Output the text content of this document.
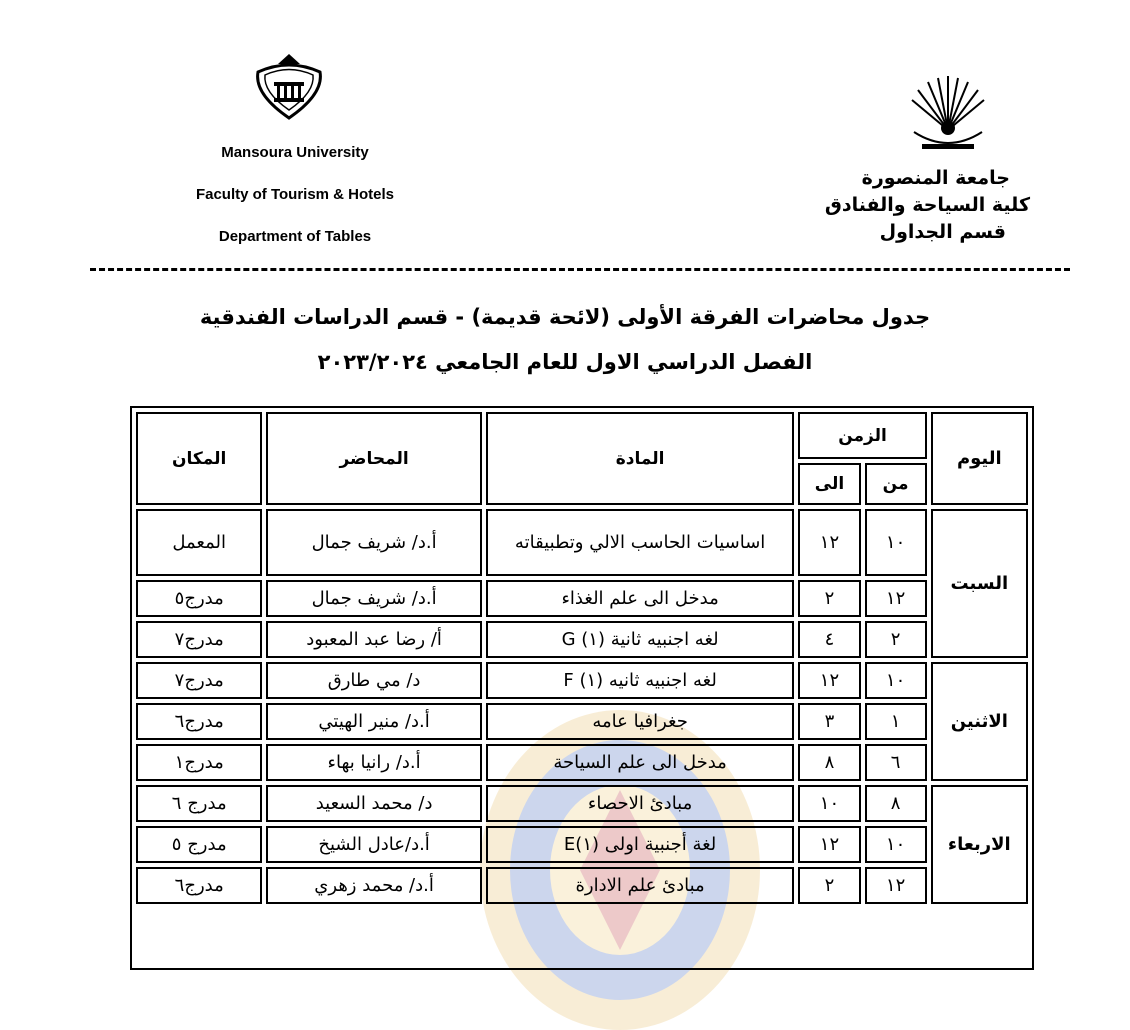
Mansoura University
Faculty of Tourism & Hotels
Department of Tables
جامعة المنصورة
كلية السياحة والفنادق
قسم الجداول
جدول محاضرات الفرقة الأولى (لائحة قديمة) - قسم الدراسات الفندقية
الفصل الدراسي الاول للعام الجامعي ٢٠٢٣/٢٠٢٤
اليوم	الزمن		المادة	المحاضر	المكان
	من	الى			
السبت	١٠	١٢	اساسيات الحاسب الالي وتطبيقاته	أ.د/ شريف جمال	المعمل
	١٢	٢	مدخل الى علم الغذاء	أ.د/ شريف جمال	مدرج٥
	٢	٤	لغه اجنبيه ثانية (١) G	أ/ رضا عبد المعبود	مدرج٧
الاثنين	١٠	١٢	لغه اجنبيه ثانيه (١) F	د/ مي طارق	مدرج٧
	١	٣	جغرافيا عامه	أ.د/ منير الهيتي	مدرج٦
	٦	٨	مدخل الى علم السياحة	أ.د/ رانيا بهاء	مدرج١
الاربعاء	٨	١٠	مبادئ الاحصاء	د/ محمد السعيد	مدرج ٦
	١٠	١٢	لغة أجنبية اولى (١)E	أ.د/عادل الشيخ	مدرج ٥
	١٢	٢	مبادئ علم الادارة	أ.د/ محمد زهري	مدرج٦
